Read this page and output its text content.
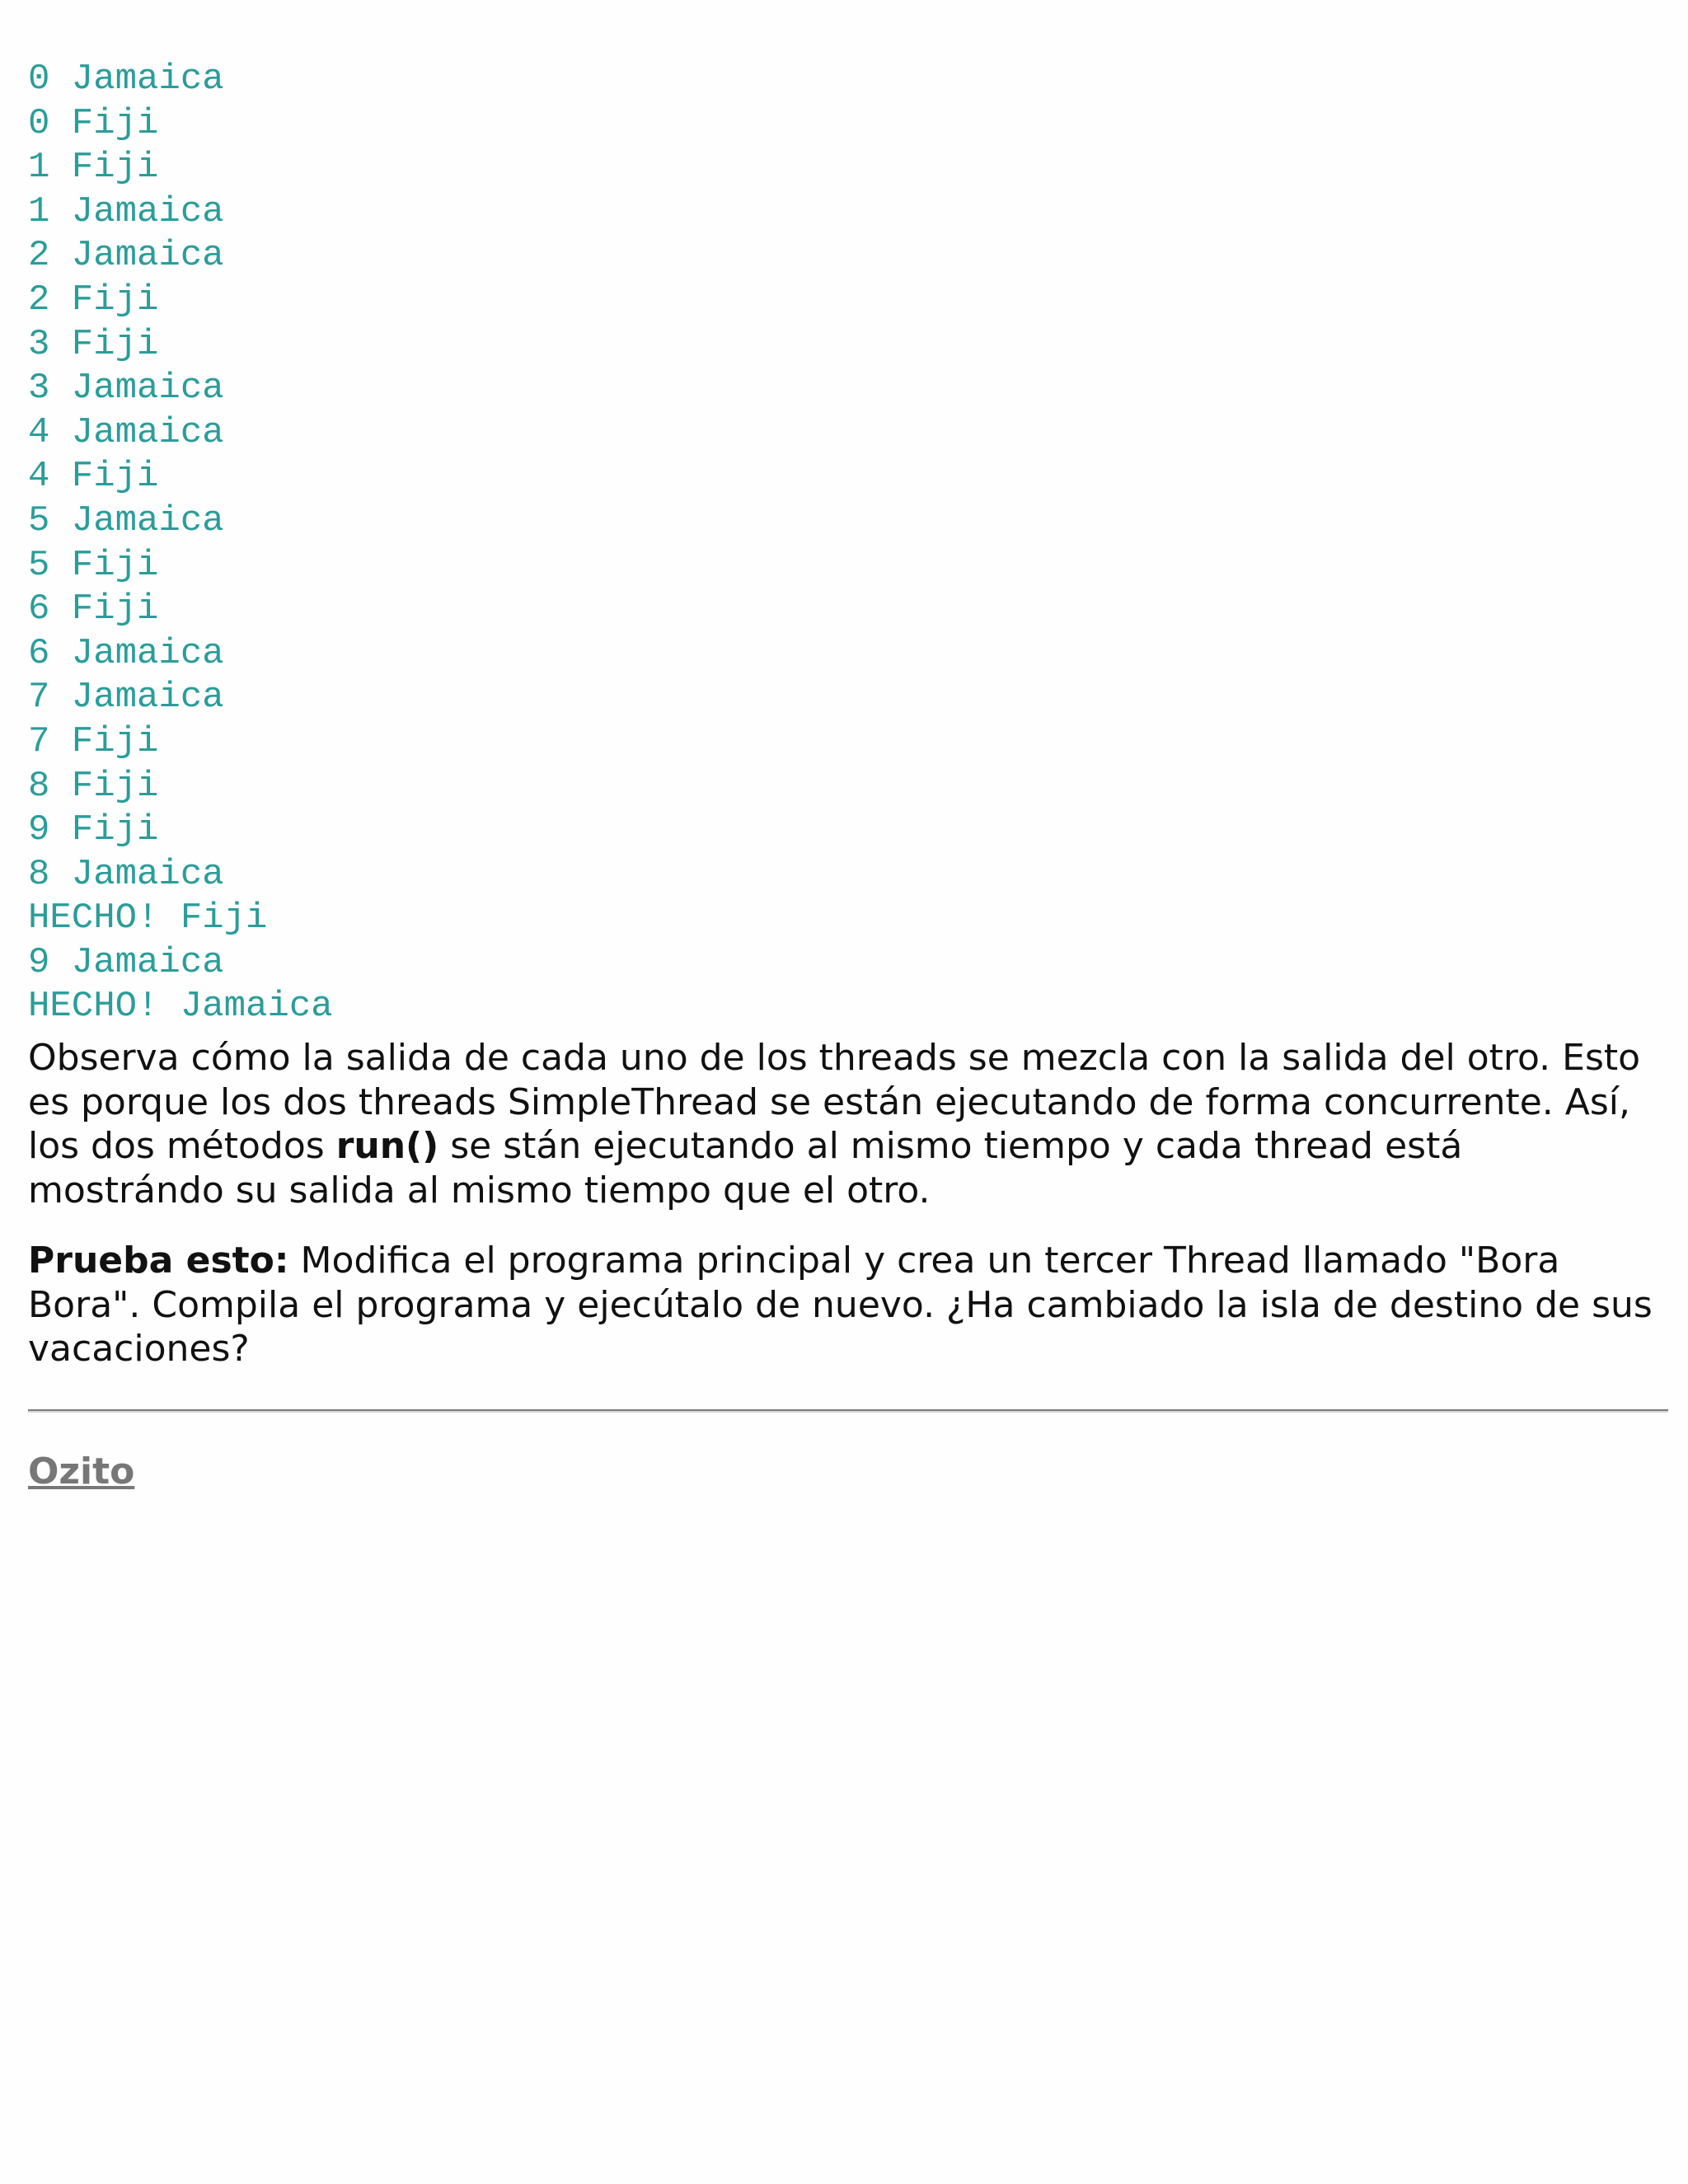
0 Jamaica
0 Fiji
1 Fiji
1 Jamaica
2 Jamaica
2 Fiji
3 Fiji
3 Jamaica
4 Jamaica
4 Fiji
5 Jamaica
5 Fiji
6 Fiji
6 Jamaica
7 Jamaica
7 Fiji
8 Fiji
9 Fiji
8 Jamaica
HECHO! Fiji
9 Jamaica
HECHO! Jamaica

Observa cómo la salida de cada uno de los threads se mezcla con la salida del otro. Esto es porque los dos threads SimpleThread se están ejecutando de forma concurrente. Así, los dos métodos run() se stán ejecutando al mismo tiempo y cada thread está mostrándo su salida al mismo tiempo que el otro.

Prueba esto: Modifica el programa principal y crea un tercer Thread llamado "Bora Bora". Compila el programa y ejecútalo de nuevo. ¿Ha cambiado la isla de destino de sus vacaciones?

Ozito
